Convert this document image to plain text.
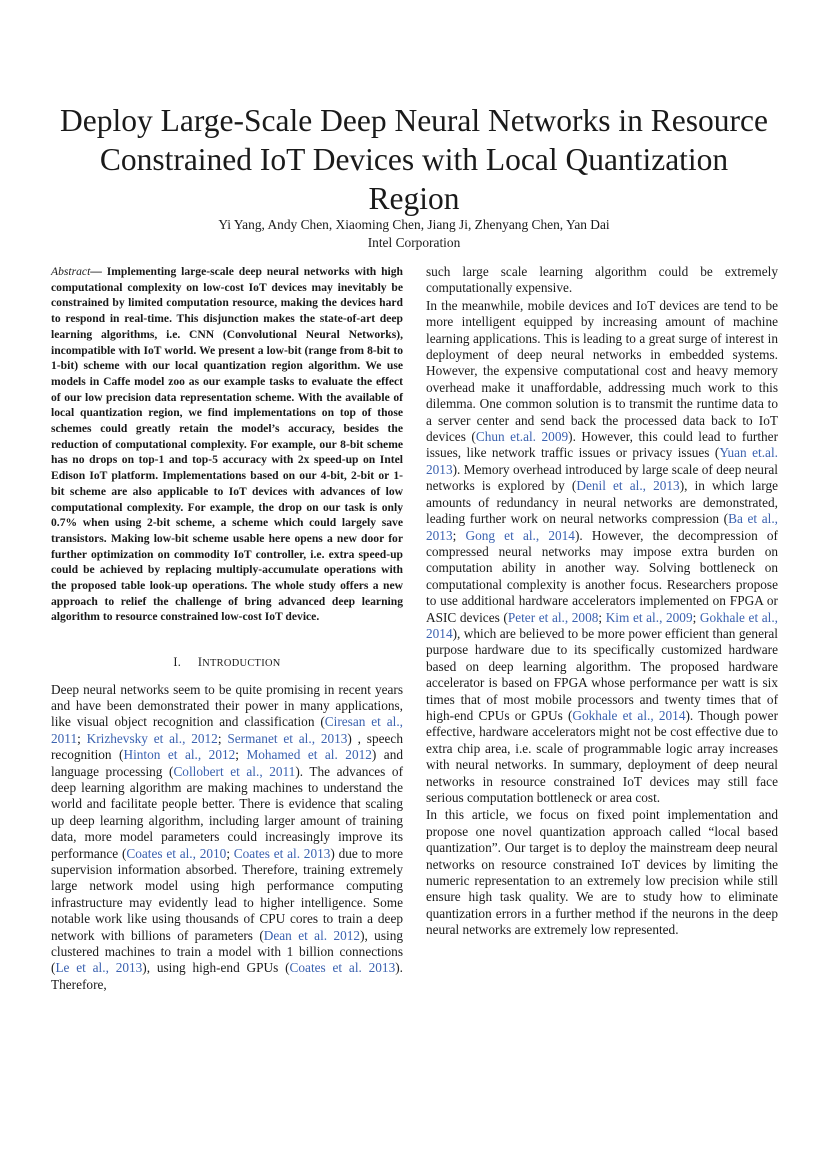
Deploy Large-Scale Deep Neural Networks in Resource Constrained IoT Devices with Local Quantization Region
Yi Yang, Andy Chen, Xiaoming Chen, Jiang Ji, Zhenyang Chen, Yan Dai
Intel Corporation

Abstract— Implementing large-scale deep neural networks with high computational complexity on low-cost IoT devices may inevitably be constrained by limited computation resource, making the devices hard to respond in real-time. This disjunction makes the state-of-art deep learning algorithms, i.e. CNN (Convolutional Neural Networks), incompatible with IoT world. We present a low-bit (range from 8-bit to 1-bit) scheme with our local quantization region algorithm. We use models in Caffe model zoo as our example tasks to evaluate the effect of our low precision data representation scheme. With the available of local quantization region, we find implementations on top of those schemes could greatly retain the model’s accuracy, besides the reduction of computational complexity. For example, our 8-bit scheme has no drops on top-1 and top-5 accuracy with 2x speed-up on Intel Edison IoT platform. Implementations based on our 4-bit, 2-bit or 1-bit scheme are also applicable to IoT devices with advances of low computational complexity. For example, the drop on our task is only 0.7% when using 2-bit scheme, a scheme which could largely save transistors. Making low-bit scheme usable here opens a new door for further optimization on commodity IoT controller, i.e. extra speed-up could be achieved by replacing multiply-accumulate operations with the proposed table look-up operations. The whole study offers a new approach to relief the challenge of bring advanced deep learning algorithm to resource constrained low-cost IoT device.

I. INTRODUCTION

Deep neural networks seem to be quite promising in recent years and have been demonstrated their power in many applications, like visual object recognition and classification (Ciresan et al., 2011; Krizhevsky et al., 2012; Sermanet et al., 2013) , speech recognition (Hinton et al., 2012; Mohamed et al. 2012) and language processing (Collobert et al., 2011). The advances of deep learning algorithm are making machines to understand the world and facilitate people better. There is evidence that scaling up deep learning algorithm, including larger amount of training data, more model parameters could increasingly improve its performance (Coates et al., 2010; Coates et al. 2013) due to more supervision information absorbed. Therefore, training extremely large network model using high performance computing infrastructure may evidently lead to higher intelligence. Some notable work like using thousands of CPU cores to train a deep network with billions of parameters (Dean et al. 2012), using clustered machines to train a model with 1 billion connections (Le et al., 2013), using high-end GPUs (Coates et al. 2013). Therefore,

such large scale learning algorithm could be extremely computationally expensive.

In the meanwhile, mobile devices and IoT devices are tend to be more intelligent equipped by increasing amount of machine learning applications. This is leading to a great surge of interest in deployment of deep neural networks in embedded systems. However, the expensive computational cost and heavy memory overhead make it unaffordable, addressing much work to this dilemma. One common solution is to transmit the runtime data to a server center and send back the processed data back to IoT devices (Chun et.al. 2009). However, this could lead to further issues, like network traffic issues or privacy issues (Yuan et.al. 2013). Memory overhead introduced by large scale of deep neural networks is explored by (Denil et al., 2013), in which large amounts of redundancy in neural networks are demonstrated, leading further work on neural networks compression (Ba et al., 2013; Gong et al., 2014). However, the decompression of compressed neural networks may impose extra burden on computation ability in another way. Solving bottleneck on computational complexity is another focus. Researchers propose to use additional hardware accelerators implemented on FPGA or ASIC devices (Peter et al., 2008; Kim et al., 2009; Gokhale et al., 2014), which are believed to be more power efficient than general purpose hardware due to its specifically customized hardware based on deep learning algorithm. The proposed hardware accelerator is based on FPGA whose performance per watt is six times that of most mobile processors and twenty times that of high-end CPUs or GPUs (Gokhale et al., 2014). Though power effective, hardware accelerators might not be cost effective due to extra chip area, i.e. scale of programmable logic array increases with neural networks. In summary, deployment of deep neural networks in resource constrained IoT devices may still face serious computation bottleneck or area cost.

In this article, we focus on fixed point implementation and propose one novel quantization approach called “local based quantization”. Our target is to deploy the mainstream deep neural networks on resource constrained IoT devices by limiting the numeric representation to an extremely low precision while still ensure high task quality. We are to study how to eliminate quantization errors in a further method if the neurons in the deep neural networks are extremely low represented.
